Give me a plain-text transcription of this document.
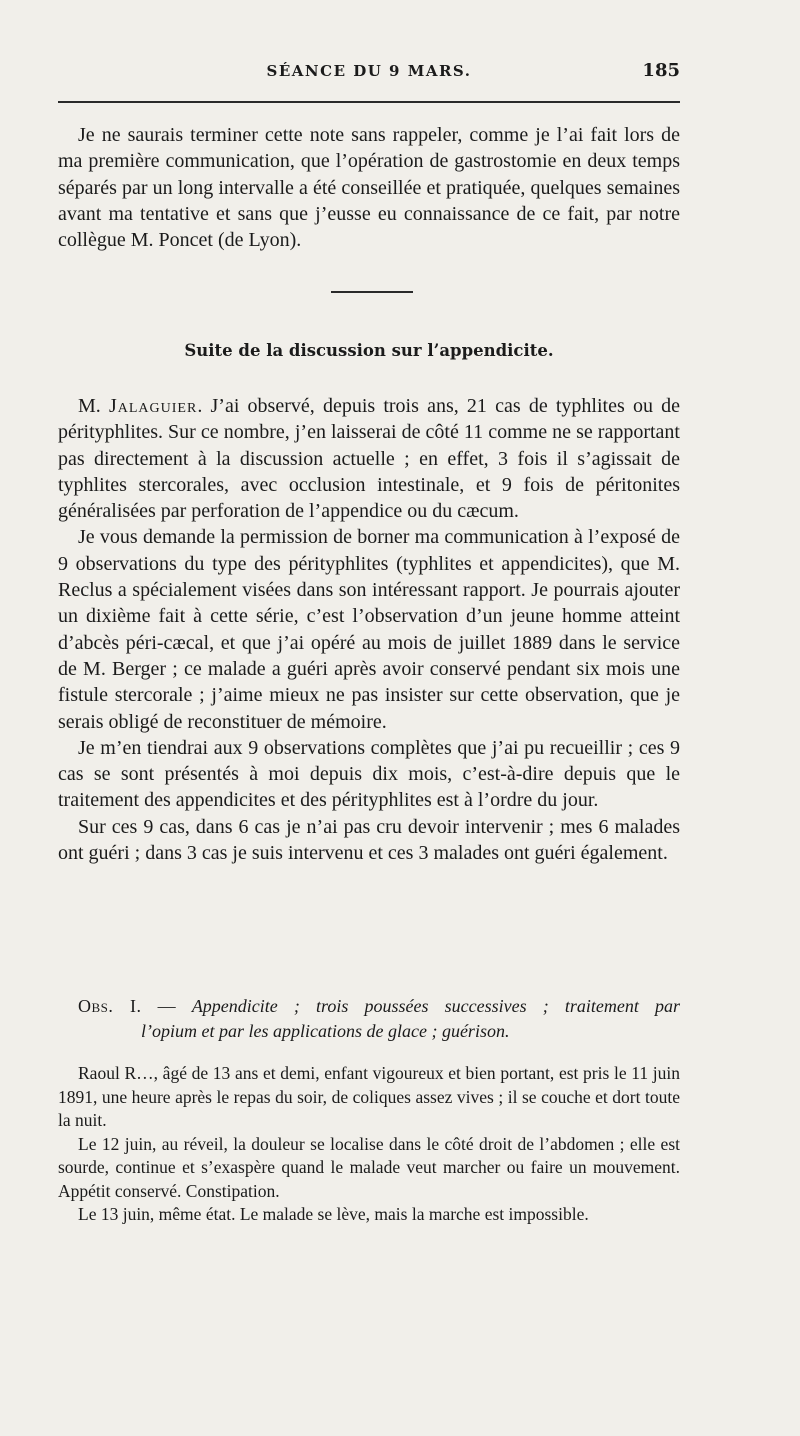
SÉANCE DU 9 MARS.	185

Je ne saurais terminer cette note sans rappeler, comme je l’ai fait lors de ma première communication, que l’opération de gastrostomie en deux temps séparés par un long intervalle a été conseillée et pratiquée, quelques semaines avant ma tentative et sans que j’eusse eu connaissance de ce fait, par notre collègue M. Poncet (de Lyon).

Suite de la discussion sur l’appendicite.

M. Jalaguier. J’ai observé, depuis trois ans, 21 cas de typhlites ou de pérityphlites. Sur ce nombre, j’en laisserai de côté 11 comme ne se rapportant pas directement à la discussion actuelle ; en effet, 3 fois il s’agissait de typhlites stercorales, avec occlusion intestinale, et 9 fois de péritonites généralisées par perforation de l’appendice ou du cæcum.

Je vous demande la permission de borner ma communication à l’exposé de 9 observations du type des pérityphlites (typhlites et appendicites), que M. Reclus a spécialement visées dans son intéressant rapport. Je pourrais ajouter un dixième fait à cette série, c’est l’observation d’un jeune homme atteint d’abcès péri-cæcal, et que j’ai opéré au mois de juillet 1889 dans le service de M. Berger ; ce malade a guéri après avoir conservé pendant six mois une fistule stercorale ; j’aime mieux ne pas insister sur cette observation, que je serais obligé de reconstituer de mémoire.

Je m’en tiendrai aux 9 observations complètes que j’ai pu recueillir ; ces 9 cas se sont présentés à moi depuis dix mois, c’est-à-dire depuis que le traitement des appendicites et des pérityphlites est à l’ordre du jour.

Sur ces 9 cas, dans 6 cas je n’ai pas cru devoir intervenir ; mes 6 malades ont guéri ; dans 3 cas je suis intervenu et ces 3 malades ont guéri également.

Obs. I. — Appendicite ; trois poussées successives ; traitement par
l’opium et par les applications de glace ; guérison.

Raoul R…, âgé de 13 ans et demi, enfant vigoureux et bien portant, est pris le 11 juin 1891, une heure après le repas du soir, de coliques assez vives ; il se couche et dort toute la nuit.

Le 12 juin, au réveil, la douleur se localise dans le côté droit de l’abdomen ; elle est sourde, continue et s’exaspère quand le malade veut marcher ou faire un mouvement. Appétit conservé. Constipation.

Le 13 juin, même état. Le malade se lève, mais la marche est impossible.
